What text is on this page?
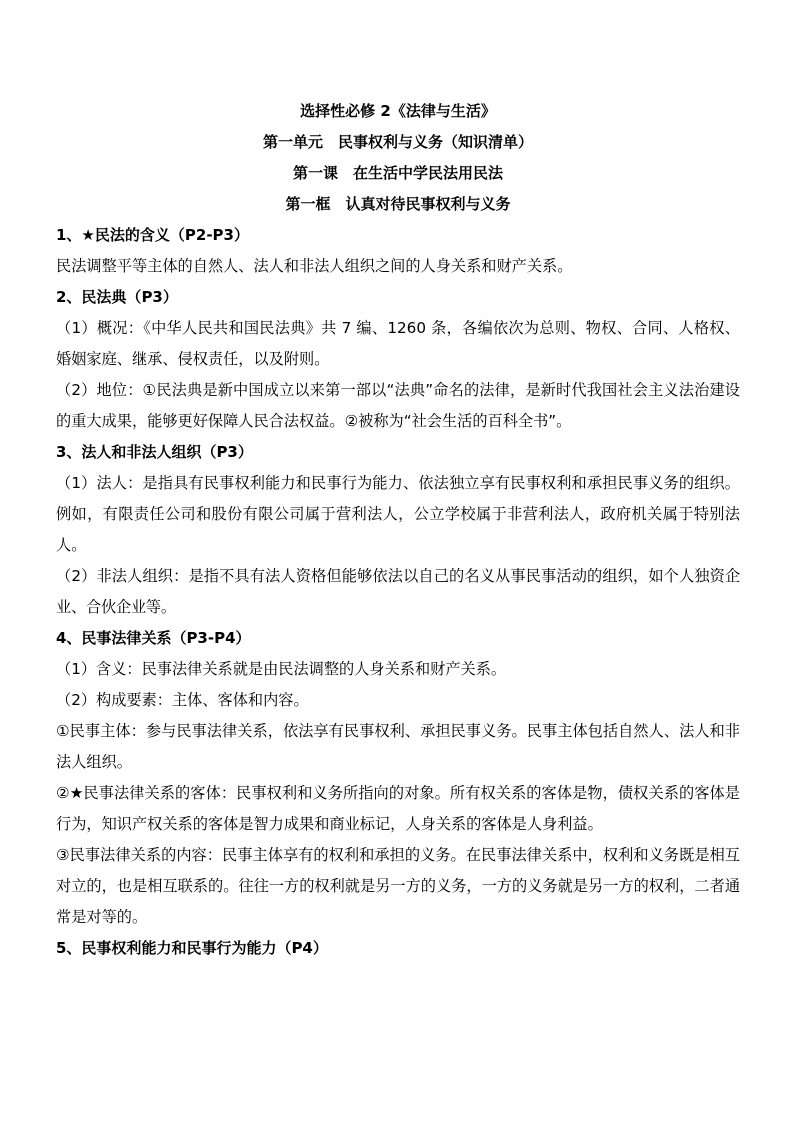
选择性必修 2《法律与生活》
第一单元　民事权利与义务（知识清单）
第一课　在生活中学民法用民法
第一框　认真对待民事权利与义务
1、★民法的含义（P2-P3）
民法调整平等主体的自然人、法人和非法人组织之间的人身关系和财产关系。
2、民法典（P3）
（1）概况：《中华人民共和国民法典》共 7 编、1260 条，各编依次为总则、物权、合同、人格权、婚姻家庭、继承、侵权责任，以及附则。
（2）地位：①民法典是新中国成立以来第一部以“法典”命名的法律，是新时代我国社会主义法治建设的重大成果，能够更好保障人民合法权益。②被称为“社会生活的百科全书”。
3、法人和非法人组织（P3）
（1）法人：是指具有民事权利能力和民事行为能力、依法独立享有民事权利和承担民事义务的组织。例如，有限责任公司和股份有限公司属于营利法人，公立学校属于非营利法人，政府机关属于特别法人。
（2）非法人组织：是指不具有法人资格但能够依法以自己的名义从事民事活动的组织，如个人独资企业、合伙企业等。
4、民事法律关系（P3-P4）
（1）含义：民事法律关系就是由民法调整的人身关系和财产关系。
（2）构成要素：主体、客体和内容。
①民事主体：参与民事法律关系，依法享有民事权利、承担民事义务。民事主体包括自然人、法人和非法人组织。
②★民事法律关系的客体：民事权利和义务所指向的对象。所有权关系的客体是物，债权关系的客体是行为，知识产权关系的客体是智力成果和商业标记，人身关系的客体是人身利益。
③民事法律关系的内容：民事主体享有的权利和承担的义务。在民事法律关系中，权利和义务既是相互对立的，也是相互联系的。往往一方的权利就是另一方的义务，一方的义务就是另一方的权利，二者通常是对等的。
5、民事权利能力和民事行为能力（P4）
